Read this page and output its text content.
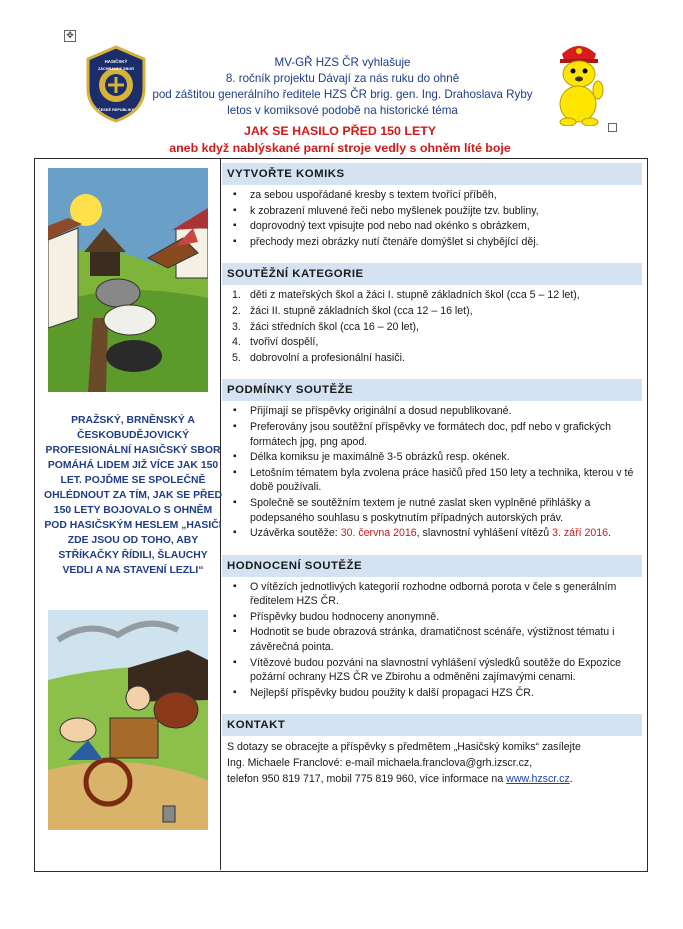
✥
HASIČSKÝ
ZÁCHRANNÝ SBOR
ČESKÉ REPUBLIKY
MV-GŘ HZS ČR vyhlašuje
8. ročník projektu Dávají za nás ruku do ohně
pod záštitou generálního ředitele HZS ČR brig. gen. Ing. Drahoslava Ryby
letos v komiksové podobě na historické téma
JAK SE HASILO PŘED 150 LETY
aneb když nablýskané parní stroje vedly s ohněm líté boje
PRAŽSKÝ, BRNĚNSKÝ A ČESKOBUDĚJOVICKÝ PROFESIONÁLNÍ HASIČSKÝ SBOR POMÁHÁ LIDEM JIŽ VÍCE JAK 150 LET. POJĎME SE SPOLEČNĚ OHLÉDNOUT ZA TÍM, JAK SE PŘED 150 LETY BOJOVALO S OHNĚM POD HASIČSKÝM HESLEM „HASIČI ZDE JSOU OD TOHO, ABY STŘÍKAČKY ŘÍDILI, ŠLAUCHY VEDLI A NA STAVENÍ LEZLI“
VYTVOŘTE KOMIKS
▪ za sebou uspořádané kresby s textem tvořící příběh,
▪ k zobrazení mluvené řeči nebo myšlenek použijte tzv. bubliny,
▪ doprovodný text vpisujte pod nebo nad okénko s obrázkem,
▪ přechody mezi obrázky nutí čtenáře domýšlet si chybějící děj.
SOUTĚŽNÍ KATEGORIE
1. děti z mateřských škol a žáci I. stupně základních škol (cca 5 – 12 let),
2. žáci II. stupně základních škol (cca 12 – 16 let),
3. žáci středních škol (cca 16 – 20 let),
4. tvořiví dospělí,
5. dobrovolní a profesionální hasiči.
PODMÍNKY SOUTĚŽE
▪ Přijímají se příspěvky originální a dosud nepublikované.
▪ Preferovány jsou soutěžní příspěvky ve formátech doc, pdf nebo v grafických formátech jpg, png apod.
▪ Délka komiksu je maximálně 3-5 obrázků resp. okének.
▪ Letošním tématem byla zvolena práce hasičů před 150 lety a technika, kterou v té době používali.
▪ Společně se soutěžním textem je nutné zaslat sken vyplněné přihlášky a podepsaného souhlasu s poskytnutím případných autorských práv.
▪ Uzávěrka soutěže: 30. června 2016, slavnostní vyhlášení vítězů 3. září 2016.
HODNOCENÍ SOUTĚŽE
▪ O vítězích jednotlivých kategorií rozhodne odborná porota v čele s generálním ředitelem HZS ČR.
▪ Příspěvky budou hodnoceny anonymně.
▪ Hodnotit se bude obrazová stránka, dramatičnost scénáře, výstižnost tématu i závěrečná pointa.
▪ Vítězové budou pozváni na slavnostní vyhlášení výsledků soutěže do Expozice požární ochrany HZS ČR ve Zbirohu a odměněni zajímavými cenami.
▪ Nejlepší příspěvky budou použity k další propagaci HZS ČR.
KONTAKT

S dotazy se obracejte a příspěvky s předmětem „Hasičský komiks“ zasílejte
Ing. Michaele Franclové: e-mail michaela.franclova@grh.izscr.cz,
telefon 950 819 717, mobil 775 819 960, více informace na www.hzscr.cz.
